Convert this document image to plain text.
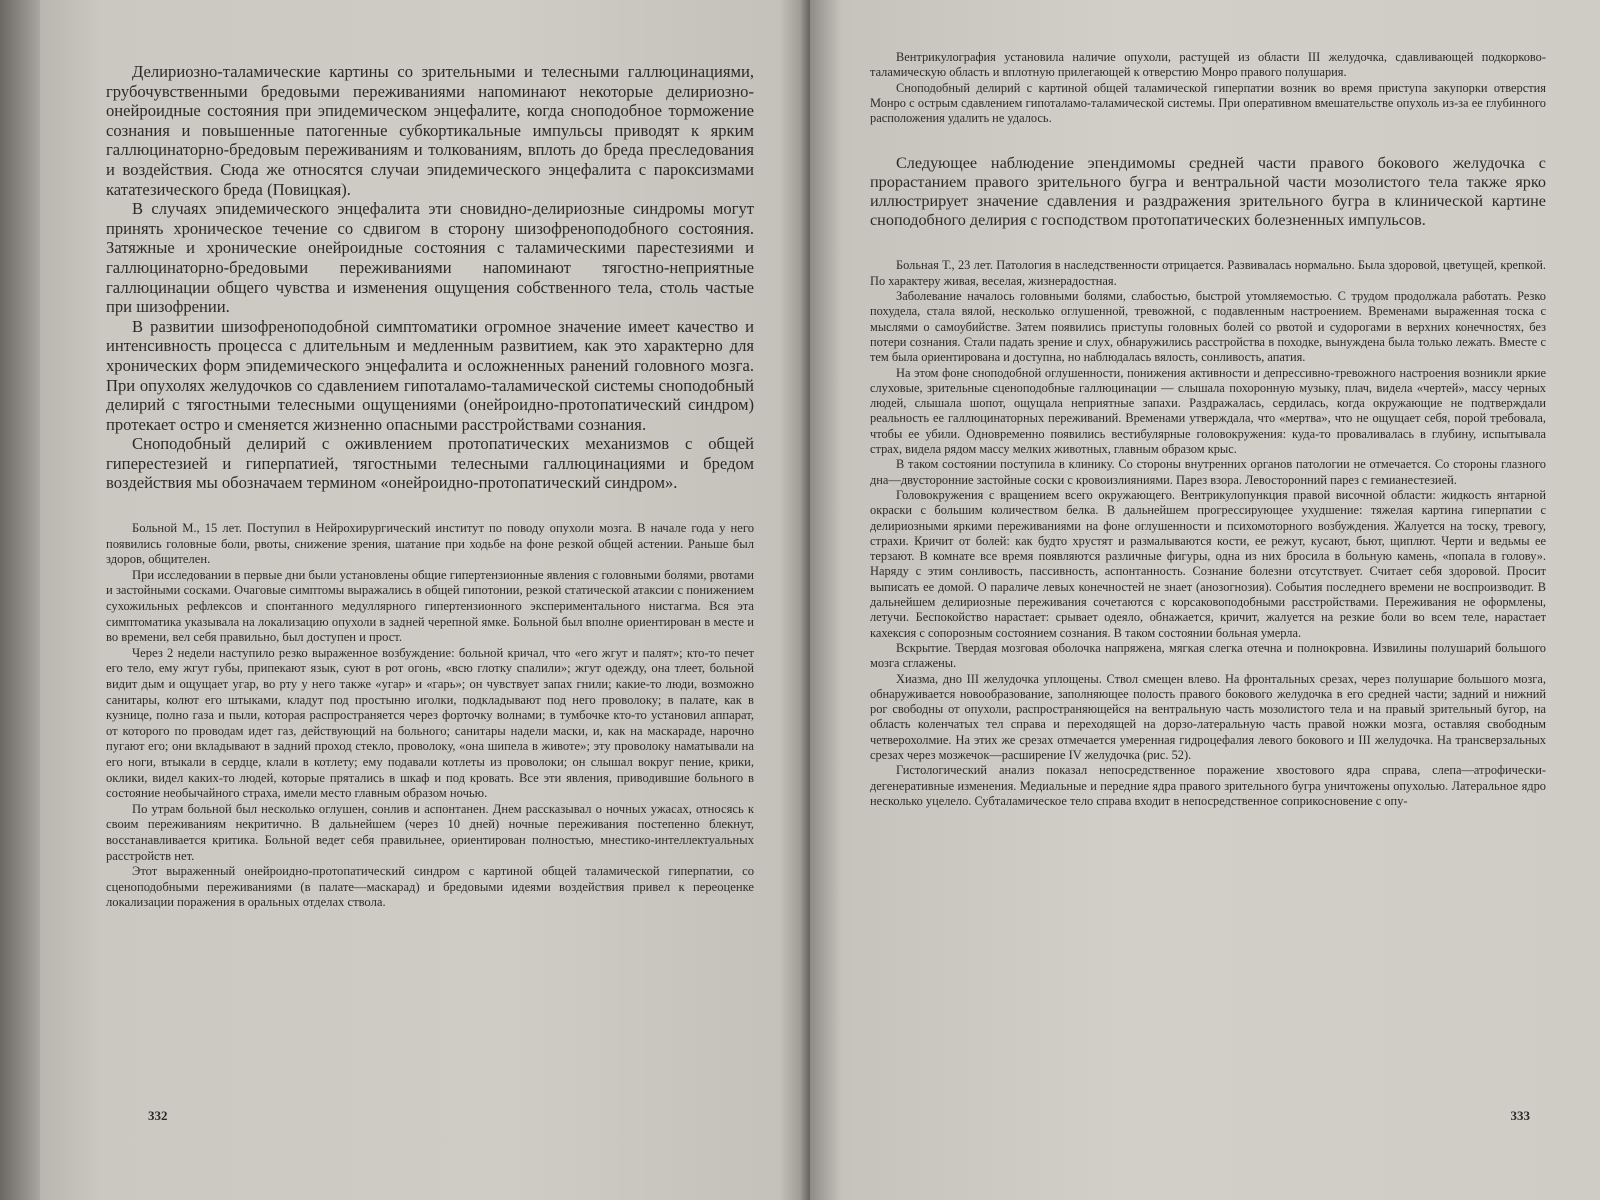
Делириозно-таламические картины со зрительными и телесными галлюцинациями, грубочувственными бредовыми переживаниями напоминают некоторые делириозно-онейроидные состояния при эпидемическом энцефалите, когда сноподобное торможение сознания и повышенные патогенные субкортикальные импульсы приводят к ярким галлюцинаторно-бредовым переживаниям и толкованиям, вплоть до бреда преследования и воздействия. Сюда же относятся случаи эпидемического энцефалита с пароксизмами кататезического бреда (Повицкая).

В случаях эпидемического энцефалита эти сновидно-делириозные синдромы могут принять хроническое течение со сдвигом в сторону шизофреноподобного состояния. Затяжные и хронические онейроидные состояния с таламическими парестезиями и галлюцинаторно-бредовыми переживаниями напоминают тягостно-неприятные галлюцинации общего чувства и изменения ощущения собственного тела, столь частые при шизофрении.

В развитии шизофреноподобной симптоматики огромное значение имеет качество и интенсивность процесса с длительным и медленным развитием, как это характерно для хронических форм эпидемического энцефалита и осложненных ранений головного мозга. При опухолях желудочков со сдавлением гипоталамо-таламической системы сноподобный делирий с тягостными телесными ощущениями (онейроидно-протопатический синдром) протекает остро и сменяется жизненно опасными расстройствами сознания.

Сноподобный делирий с оживлением протопатических механизмов с общей гиперестезией и гиперпатией, тягостными телесными галлюцинациями и бредом воздействия мы обозначаем термином «онейроидно-протопатический синдром».

Больной М., 15 лет. Поступил в Нейрохирургический институт по поводу опухоли мозга. В начале года у него появились головные боли, рвоты, снижение зрения, шатание при ходьбе на фоне резкой общей астении. Раньше был здоров, общителен.

При исследовании в первые дни были установлены общие гипертензионные явления с головными болями, рвотами и застойными сосками. Очаговые симптомы выражались в общей гипотонии, резкой статической атаксии с понижением сухожильных рефлексов и спонтанного медуллярного гипертензионного экспериментального нистагма. Вся эта симптоматика указывала на локализацию опухоли в задней черепной ямке. Больной был вполне ориентирован в месте и во времени, вел себя правильно, был доступен и прост.

Через 2 недели наступило резко выраженное возбуждение: больной кричал, что «его жгут и палят»; кто-то печет его тело, ему жгут губы, припекают язык, суют в рот огонь, «всю глотку спалили»; жгут одежду, она тлеет, больной видит дым и ощущает угар, во рту у него также «угар» и «гарь»; он чувствует запах гнили; какие-то люди, возможно санитары, колют его штыками, кладут под простыню иголки, подкладывают под него проволоку; в палате, как в кузнице, полно газа и пыли, которая распространяется через форточку волнами; в тумбочке кто-то установил аппарат, от которого по проводам идет газ, действующий на больного; санитары надели маски, и, как на маскараде, нарочно пугают его; они вкладывают в задний проход стекло, проволоку, «она шипела в животе»; эту проволоку наматывали на его ноги, втыкали в сердце, клали в котлету; ему подавали котлеты из проволоки; он слышал вокруг пение, крики, оклики, видел каких-то людей, которые прятались в шкаф и под кровать. Все эти явления, приводившие больного в состояние необычайного страха, имели место главным образом ночью.

По утрам больной был несколько оглушен, сонлив и аспонтанен. Днем рассказывал о ночных ужасах, относясь к своим переживаниям некритично. В дальнейшем (через 10 дней) ночные переживания постепенно блекнут, восстанавливается критика. Больной ведет себя правильнее, ориентирован полностью, мнестико-интеллектуальных расстройств нет.

Этот выраженный онейроидно-протопатический синдром с картиной общей таламической гиперпатии, со сценоподобными переживаниями (в палате—маскарад) и бредовыми идеями воздействия привел к переоценке локализации поражения в оральных отделах ствола.

332

Вентрикулография установила наличие опухоли, растущей из области III желудочка, сдавливающей подкорково-таламическую область и вплотную прилегающей к отверстию Монро правого полушария.

Сноподобный делирий с картиной общей таламической гиперпатии возник во время приступа закупорки отверстия Монро с острым сдавлением гипоталамо-таламической системы. При оперативном вмешательстве опухоль из-за ее глубинного расположения удалить не удалось.

Следующее наблюдение эпендимомы средней части правого бокового желудочка с прорастанием правого зрительного бугра и вентральной части мозолистого тела также ярко иллюстрирует значение сдавления и раздражения зрительного бугра в клинической картине сноподобного делирия с господством протопатических болезненных импульсов.

Больная Т., 23 лет. Патология в наследственности отрицается. Развивалась нормально. Была здоровой, цветущей, крепкой. По характеру живая, веселая, жизнерадостная.

Заболевание началось головными болями, слабостью, быстрой утомляемостью. С трудом продолжала работать. Резко похудела, стала вялой, несколько оглушенной, тревожной, с подавленным настроением. Временами выраженная тоска с мыслями о самоубийстве. Затем появились приступы головных болей со рвотой и судорогами в верхних конечностях, без потери сознания. Стали падать зрение и слух, обнаружились расстройства в походке, вынуждена была только лежать. Вместе с тем была ориентирована и доступна, но наблюдалась вялость, сонливость, апатия.

На этом фоне сноподобной оглушенности, понижения активности и депрессивно-тревожного настроения возникли яркие слуховые, зрительные сценоподобные галлюцинации — слышала похоронную музыку, плач, видела «чертей», массу черных людей, слышала шопот, ощущала неприятные запахи. Раздражалась, сердилась, когда окружающие не подтверждали реальность ее галлюцинаторных переживаний. Временами утверждала, что «мертва», что не ощущает себя, порой требовала, чтобы ее убили. Одновременно появились вестибулярные головокружения: куда-то проваливалась в глубину, испытывала страх, видела рядом массу мелких животных, главным образом крыс.

В таком состоянии поступила в клинику. Со стороны внутренних органов патологии не отмечается. Со стороны глазного дна—двусторонние застойные соски с кровоизлияниями. Парез взора. Левосторонний парез с гемианестезией.

Головокружения с вращением всего окружающего. Вентрикулопункция правой височной области: жидкость янтарной окраски с большим количеством белка. В дальнейшем прогрессирующее ухудшение: тяжелая картина гиперпатии с делириозными яркими переживаниями на фоне оглушенности и психомоторного возбуждения. Жалуется на тоску, тревогу, страхи. Кричит от болей: как будто хрустят и размалываются кости, ее режут, кусают, бьют, щиплют. Черти и ведьмы ее терзают. В комнате все время появляются различные фигуры, одна из них бросила в больную камень, «попала в голову». Наряду с этим сонливость, пассивность, аспонтанность. Сознание болезни отсутствует. Считает себя здоровой. Просит выписать ее домой. О параличе левых конечностей не знает (анозогнозия). События последнего времени не воспроизводит. В дальнейшем делириозные переживания сочетаются с корсаковоподобными расстройствами. Переживания не оформлены, летучи. Беспокойство нарастает: срывает одеяло, обнажается, кричит, жалуется на резкие боли во всем теле, нарастает кахексия с сопорозным состоянием сознания. В таком состоянии больная умерла.

Вскрытие. Твердая мозговая оболочка напряжена, мягкая слегка отечна и полнокровна. Извилины полушарий большого мозга сглажены.

Хиазма, дно III желудочка уплощены. Ствол смещен влево. На фронтальных срезах, через полушарие большого мозга, обнаруживается новообразование, заполняющее полость правого бокового желудочка в его средней части; задний и нижний рог свободны от опухоли, распространяющейся на вентральную часть мозолистого тела и на правый зрительный бугор, на область коленчатых тел справа и переходящей на дорзо-латеральную часть правой ножки мозга, оставляя свободным четверохолмие. На этих же срезах отмечается умеренная гидроцефалия левого бокового и III желудочка. На трансверзальных срезах через мозжечок—расширение IV желудочка (рис. 52).

Гистологический анализ показал непосредственное поражение хвостового ядра справа, слепа—атрофически-дегенеративные изменения. Медиальные и передние ядра правого зрительного бугра уничтожены опухолью. Латеральное ядро несколько уцелело. Субталамическое тело справа входит в непосредственное соприкосновение с опу-

333
